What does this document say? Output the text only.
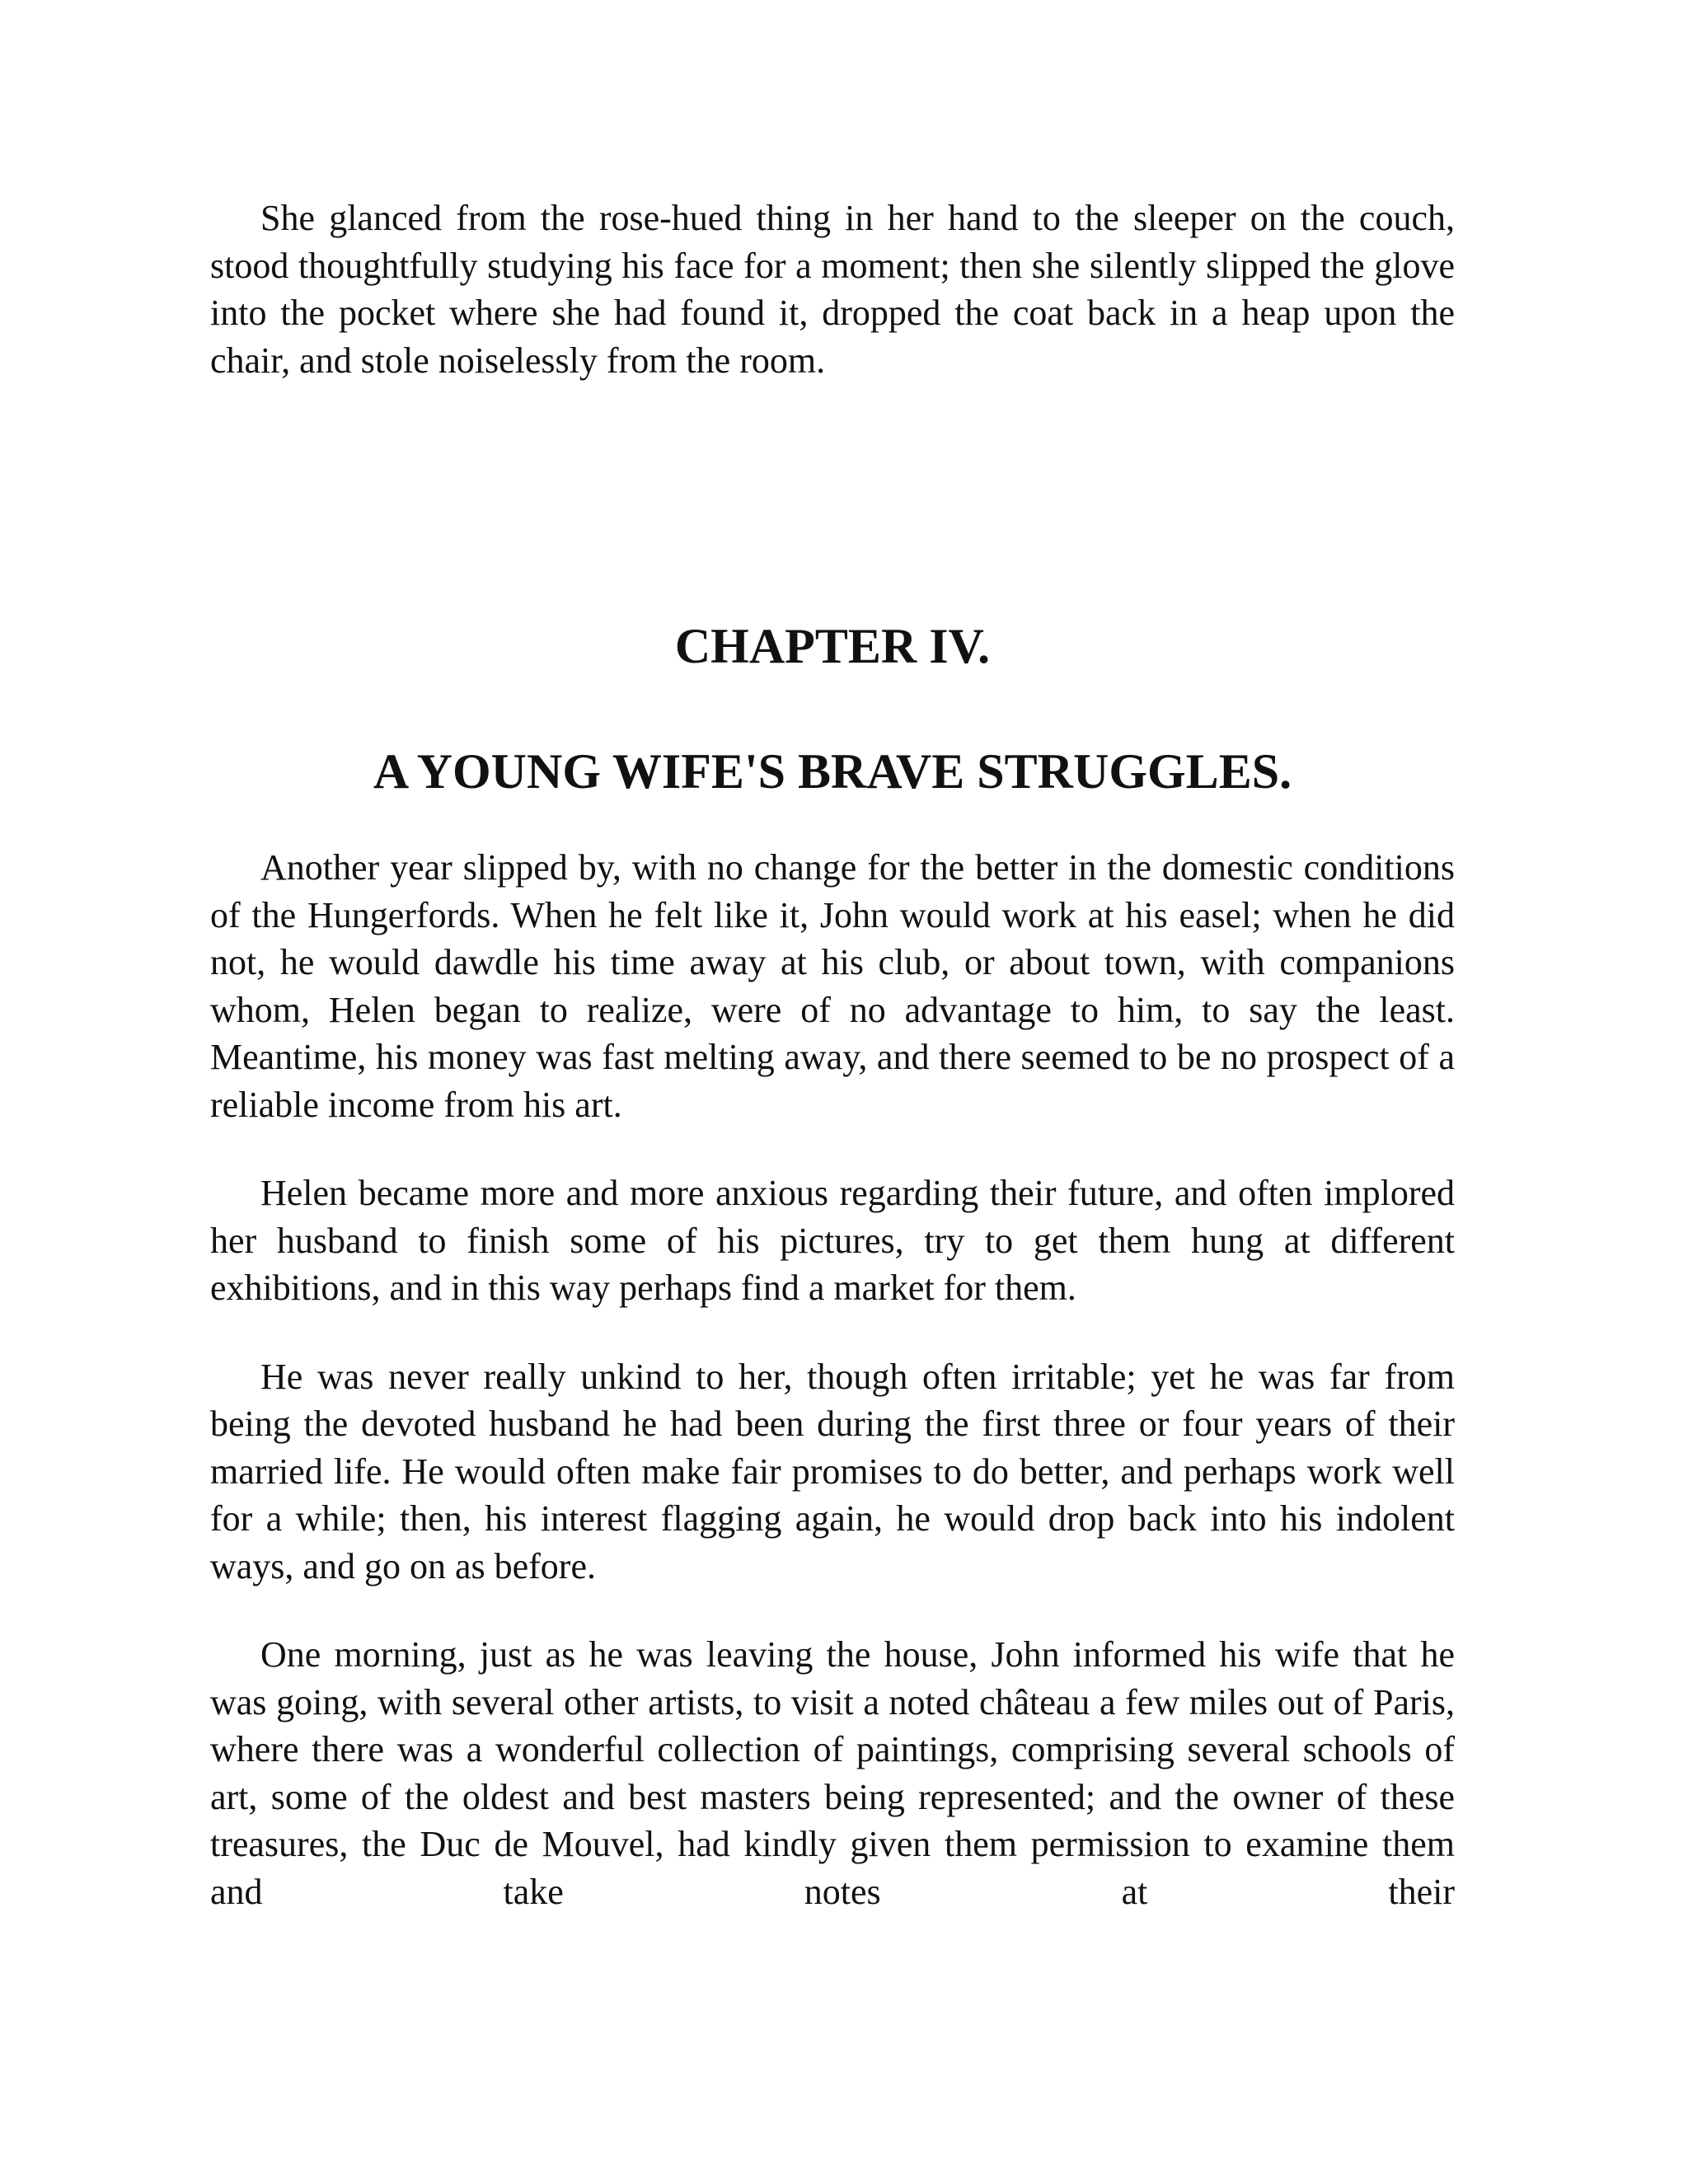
She glanced from the rose-hued thing in her hand to the sleeper on the couch, stood thoughtfully studying his face for a moment; then she silently slipped the glove into the pocket where she had found it, dropped the coat back in a heap upon the chair, and stole noiselessly from the room.

CHAPTER IV.
A YOUNG WIFE'S BRAVE STRUGGLES.

Another year slipped by, with no change for the better in the domestic conditions of the Hungerfords. When he felt like it, John would work at his easel; when he did not, he would dawdle his time away at his club, or about town, with companions whom, Helen began to realize, were of no advantage to him, to say the least. Meantime, his money was fast melting away, and there seemed to be no prospect of a reliable income from his art.

Helen became more and more anxious regarding their future, and often implored her husband to finish some of his pictures, try to get them hung at different exhibitions, and in this way perhaps find a market for them.

He was never really unkind to her, though often irritable; yet he was far from being the devoted husband he had been during the first three or four years of their married life. He would often make fair promises to do better, and perhaps work well for a while; then, his interest flagging again, he would drop back into his indolent ways, and go on as before.

One morning, just as he was leaving the house, John informed his wife that he was going, with several other artists, to visit a noted château a few miles out of Paris, where there was a wonderful collection of paintings, comprising several schools of art, some of the oldest and best masters being represented; and the owner of these treasures, the Duc de Mouvel, had kindly given them permission to examine them and take notes at their
